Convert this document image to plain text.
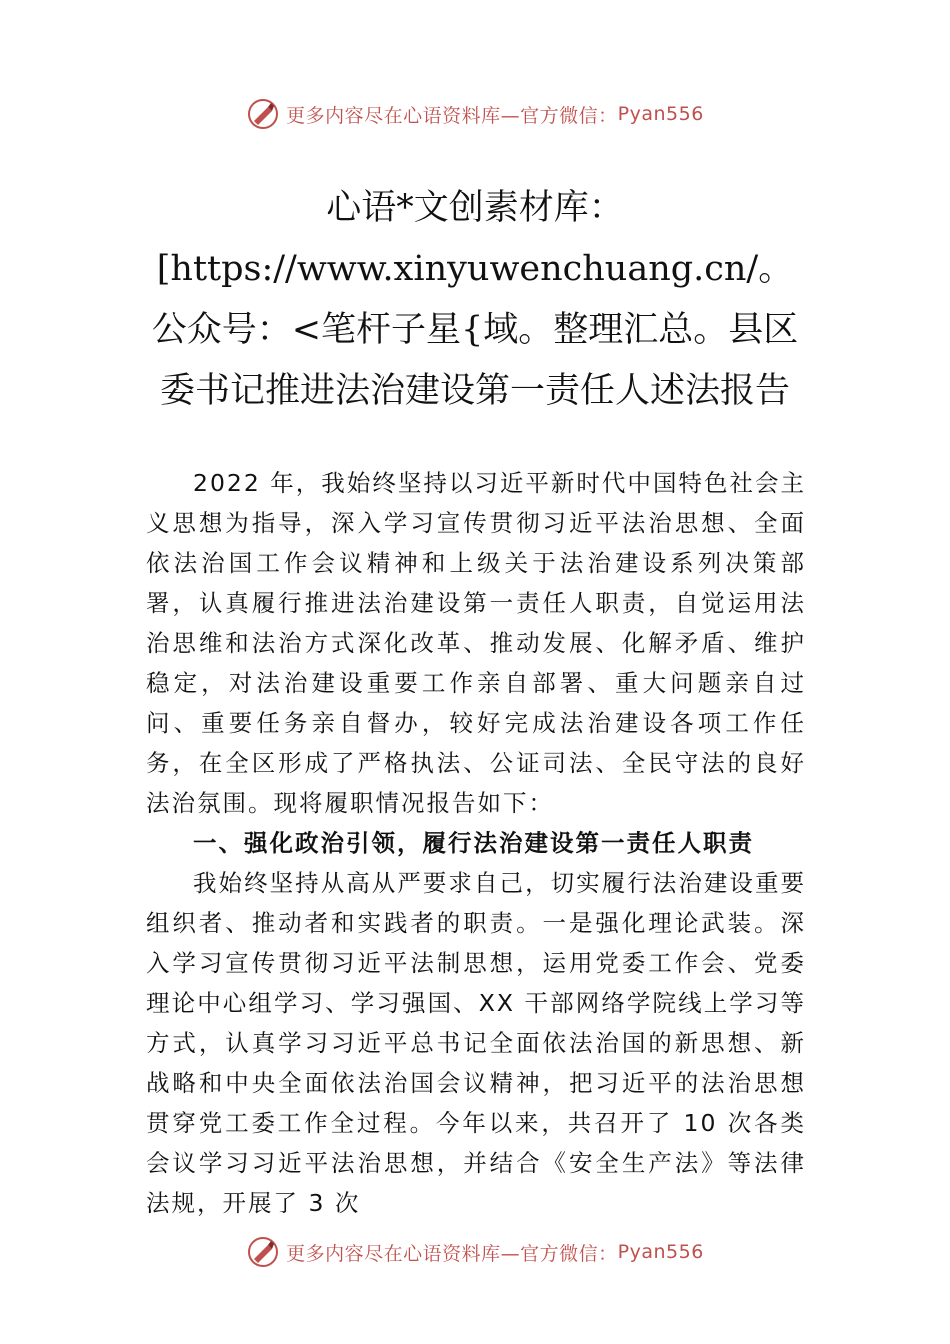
更多内容尽在心语资料库—官方微信： Pyan556
心语*文创素材库：[https://www.xinyuwenchuang.cn/。公众号：<笔杆子星{域。整理汇总。县区委书记推进法治建设第一责任人述法报告

2022 年，我始终坚持以习近平新时代中国特色社会主义思想为指导，深入学习宣传贯彻习近平法治思想、全面依法治国工作会议精神和上级关于法治建设系列决策部署，认真履行推进法治建设第一责任人职责，自觉运用法治思维和法治方式深化改革、推动发展、化解矛盾、维护稳定，对法治建设重要工作亲自部署、重大问题亲自过问、重要任务亲自督办，较好完成法治建设各项工作任务，在全区形成了严格执法、公证司法、全民守法的良好法治氛围。现将履职情况报告如下：

一、强化政治引领，履行法治建设第一责任人职责

我始终坚持从高从严要求自己，切实履行法治建设重要组织者、推动者和实践者的职责。一是强化理论武装。深入学习宣传贯彻习近平法制思想，运用党委工作会、党委理论中心组学习、学习强国、XX 干部网络学院线上学习等方式，认真学习习近平总书记全面依法治国的新思想、新战略和中央全面依法治国会议精神，把习近平的法治思想贯穿党工委工作全过程。今年以来，共召开了 10 次各类会议学习习近平法治思想，并结合《安全生产法》等法律法规，开展了 3 次

更多内容尽在心语资料库—官方微信： Pyan556
